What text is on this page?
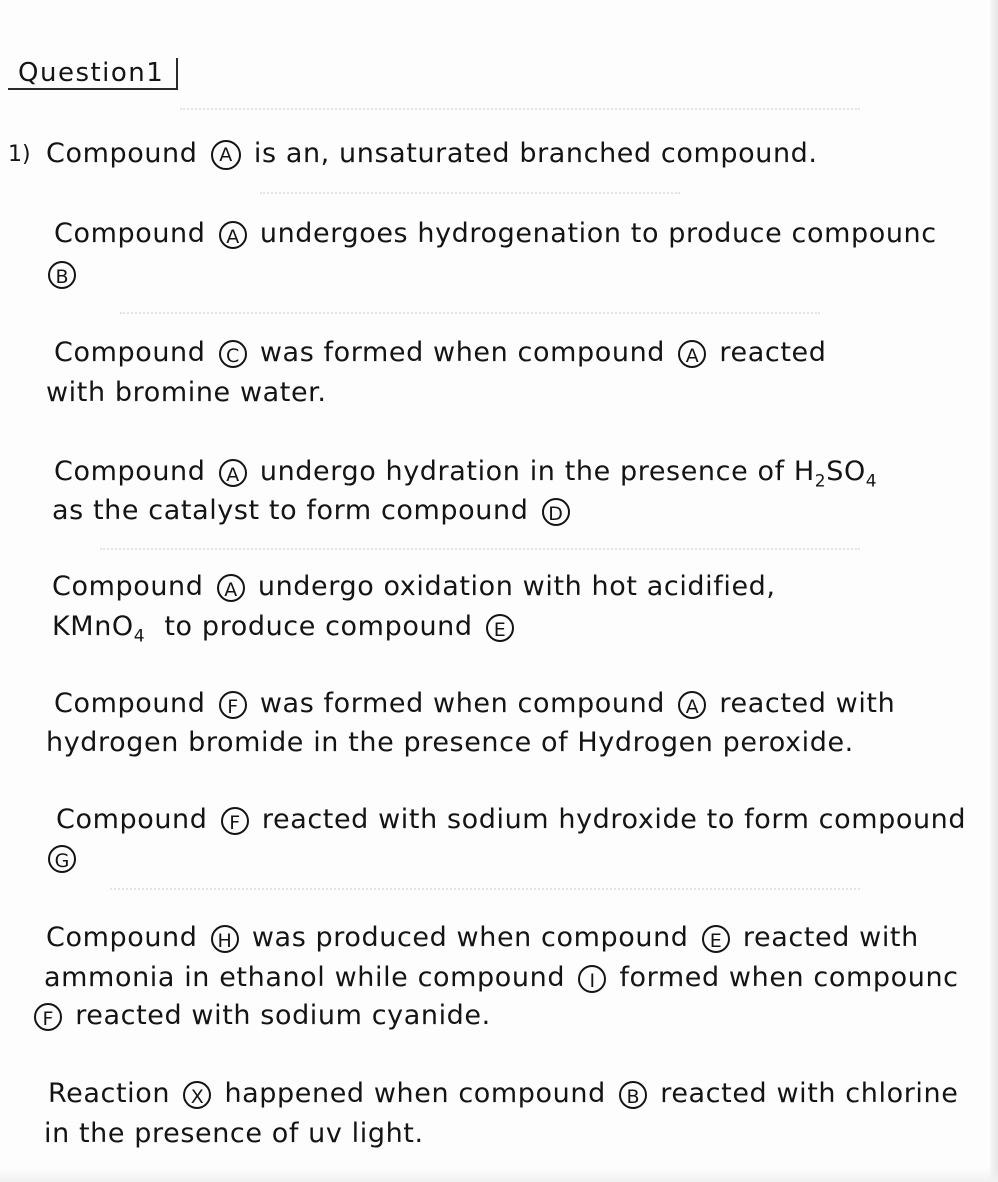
Question1
1) Compound A is an, unsaturated branched compound.
Compound A undergoes hydrogenation to produce compounc
B
Compound C was formed when compound A reacted
with bromine water.
Compound A undergo hydration in the presence of $H_2SO_4$
as the catalyst to form compound D
Compound A undergo oxidation with hot acidified,
KMnO$_4$ to produce compound E
Compound F was formed when compound A reacted with
hydrogen bromide in the presence of Hydrogen peroxide.
Compound F reacted with sodium hydroxide to form compound
G
Compound H was produced when compound E reacted with
ammonia in ethanol while compound I formed when compounc
F reacted with sodium cyanide.
Reaction X happened when compound B reacted with chlorine
in the presence of uv light.
